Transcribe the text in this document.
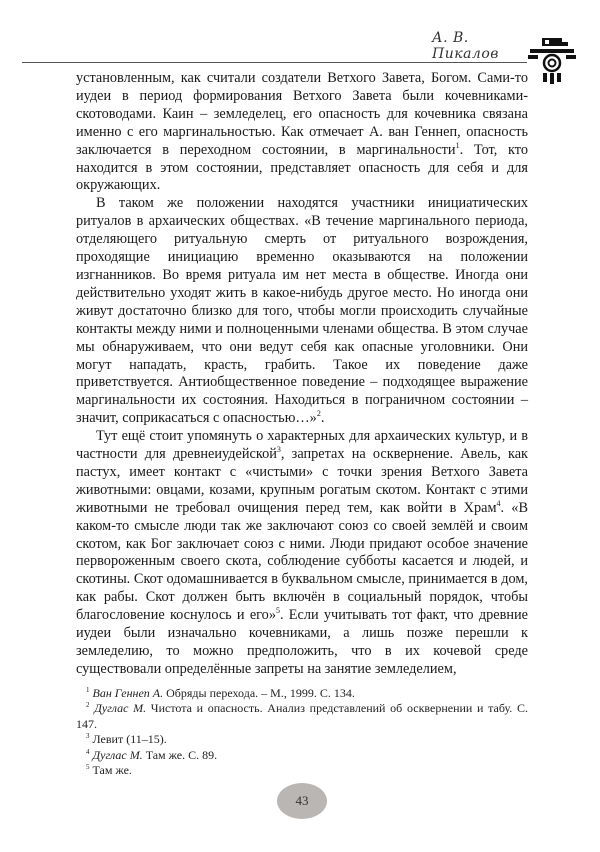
А. В. Пикалов

установленным, как считали создатели Ветхого Завета, Богом. Сами-то иудеи в период формирования Ветхого Завета были кочевниками-скотоводами. Каин – земледелец, его опасность для кочевника связана именно с его маргинальностью. Как отмечает А. ван Геннеп, опасность заключается в переходном состоянии, в маргинальности$^1$. Тот, кто находится в этом состоянии, представляет опасность для себя и для окружающих.

В таком же положении находятся участники инициатических ритуалов в архаических обществах. «В течение маргинального периода, отделяющего ритуальную смерть от ритуального возрождения, проходящие инициацию временно оказываются на положении изгнанников. Во время ритуала им нет места в обществе. Иногда они действительно уходят жить в какое-нибудь другое место. Но иногда они живут достаточно близко для того, чтобы могли происходить случайные контакты между ними и полноценными членами общества. В этом случае мы обнаруживаем, что они ведут себя как опасные уголовники. Они могут нападать, красть, грабить. Такое их поведение даже приветствуется. Антиобщественное поведение – подходящее выражение маргинальности их состояния. Находиться в пограничном состоянии – значит, соприкасаться с опасностью…»$^2$.

Тут ещё стоит упомянуть о характерных для архаических культур, и в частности для древнеиудейской$^3$, запретах на осквернение. Авель, как пастух, имеет контакт с «чистыми» с точки зрения Ветхого Завета животными: овцами, козами, крупным рогатым скотом. Контакт с этими животными не требовал очищения перед тем, как войти в Храм$^4$. «В каком-то смысле люди так же заключают союз со своей землёй и своим скотом, как Бог заключает союз с ними. Люди придают особое значение первороженным своего скота, соблюдение субботы касается и людей, и скотины. Скот одомашнивается в буквальном смысле, принимается в дом, как рабы. Скот должен быть включён в социальный порядок, чтобы благословение коснулось и его»$^5$. Если учитывать тот факт, что древние иудеи были изначально кочевниками, а лишь позже перешли к земледелию, то можно предположить, что в их кочевой среде существовали определённые запреты на занятие земледелием,

$^1$ Ван Геннеп А. Обряды перехода. – М., 1999. С. 134.
$^2$ Дуглас М. Чистота и опасность. Анализ представлений об осквернении и табу. С. 147.
$^3$ Левит (11–15).
$^4$ Дуглас М. Там же. С. 89.
$^5$ Там же.
43
